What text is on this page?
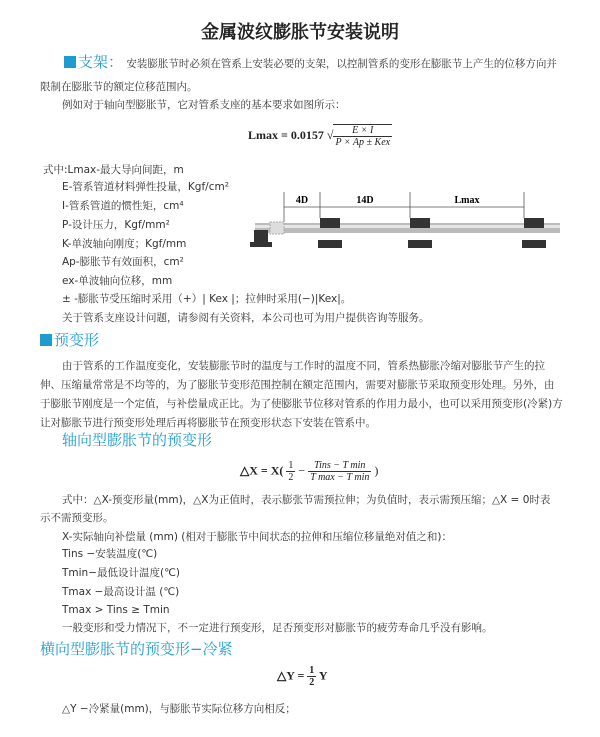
金属波纹膨胀节安装说明
支架： 安装膨胀节时必须在管系上安装必要的支架，以控制管系的变形在膨胀节上产生的位移方向并
限制在膨胀节的额定位移范围内。
例如对于轴向型膨胀节，它对管系支座的基本要求如图所示：
Lmax = 0.0157 √ $\frac{E \times I}{\text{P × Ap ± Kex}}$
式中:Lmax-最大导向间距，m
E-管系管道材料弹性投量，Kgf/cm²
I-管系管道的惯性矩，cm⁴
P-设计压力，Kgf/mm²
K-单波轴向刚度；Kgf/mm
Ap-膨胀节有效面积，cm²
ex-单波轴向位移，mm
± -膨胀节受压缩时采用（+）| Kex |；拉伸时采用(−)|Kex|。
关于管系支座设计问题，请参阅有关资料，本公司也可为用户提供咨询等服务。
4D	14D	Lmax
预变形
由于管系的工作温度变化，安装膨胀节时的温度与工作时的温度不同，管系热膨胀冷缩对膨胀节产生的拉
伸、压缩量常常是不均等的，为了膨胀节变形范围控制在额定范围内，需要对膨胀节采取预变形处理。另外，由
于膨胀节刚度是一个定值，与补偿量成正比。为了使膨胀节位移对管系的作用力最小，也可以采用预变形(冷紧)方
让对膨胀节进行预变形处理后再将膨胀节在预变形状态下安装在管系中。
轴向型膨胀节的预变形
△X = $X( \frac{1}{2} - \frac{\text{Tins − T min}}{\text{T max − T min}}$ )
式中：△X-预变形量(mm)，△X为正值时，表示膨张节需预拉伸；为负值时，表示需预压缩；△X = 0时表
示不需预变形。
X-实际轴向补偿量 (mm) (相对于膨胀节中间状态的拉伸和压缩位移量绝对值之和)：
Tins −安装温度(℃)
Tmin−最低设计温度(℃)
Tmax −最高设计温 (℃)
Tmax > Tins ≥ Tmin
一般变形和受力情况下，不一定进行预变形，足否预变形对膨胀节的疲劳寿命几乎没有影响。
横向型膨胀节的预变形−冷紧
△Y = $\frac{1}{2}$ Y
△Y −冷紧量(mm)，与膨胀节实际位移方向相反；
